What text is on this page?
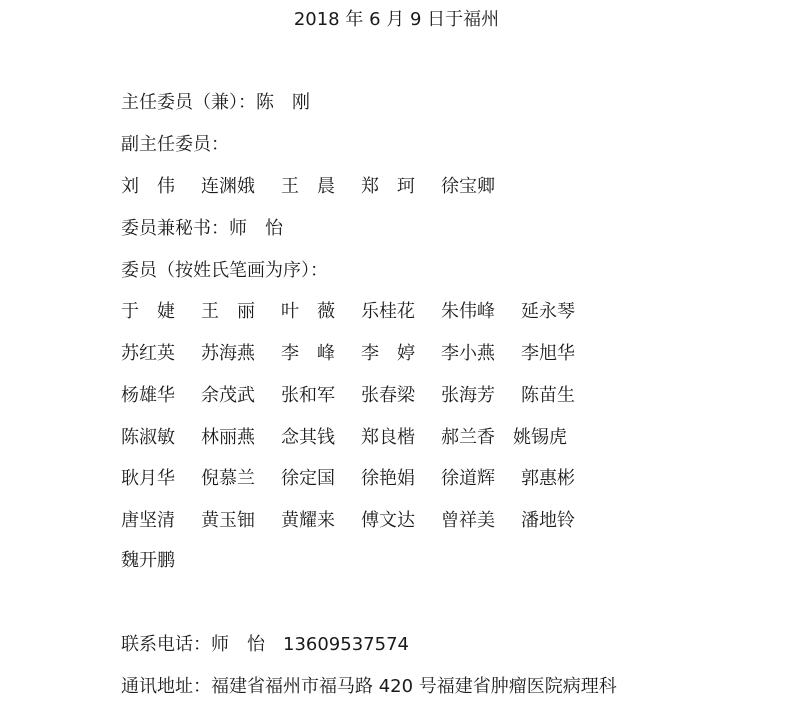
2018 年 6 月 9 日于福州
主任委员（兼）：陈　刚
副主任委员：
刘　伟 连渊娥 王　晨 郑　珂 徐宝卿
委员兼秘书：师　怡
委员（按姓氏笔画为序）：
于　婕 王　丽 叶　薇 乐桂花 朱伟峰 延永琴
苏红英 苏海燕 李　峰 李　婷 李小燕 李旭华
杨雄华 余茂武 张和军 张春梁 张海芳 陈苗生
陈淑敏 林丽燕 念其钱 郑良楷 郝兰香 姚锡虎
耿月华 倪慕兰 徐定国 徐艳娟 徐道辉 郭惠彬
唐坚清 黄玉钿 黄耀来 傅文达 曾祥美 潘地铃
魏开鹏
联系电话：师　怡 13609537574
通讯地址：福建省福州市福马路 420 号福建省肿瘤医院病理科
